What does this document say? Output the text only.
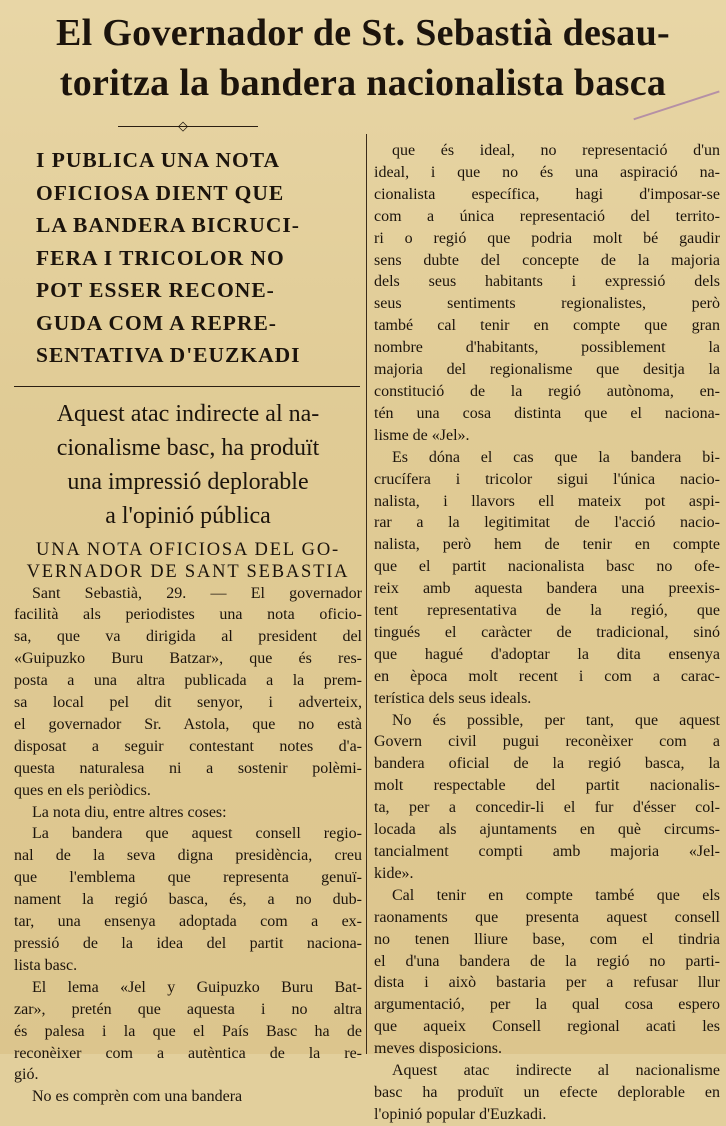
El Governador de St. Sebastià desau-
toritza la bandera nacionalista basca
◇
I PUBLICA UNA NOTA
OFICIOSA DIENT QUE
LA BANDERA BICRUCI-
FERA I TRICOLOR NO
POT ESSER RECONE-
GUDA COM A REPRE-
SENTATIVA D'EUZKADI
Aquest atac indirecte al na-
cionalisme basc, ha produït
una impressió deplorable
a l'opinió pública
UNA NOTA OFICIOSA DEL GO-
VERNADOR DE SANT SEBASTIA

Sant Sebastià, 29. — El governador
facilità als periodistes una nota oficio-
sa, que va dirigida al president del
«Guipuzko Buru Batzar», que és res-
posta a una altra publicada a la prem-
sa local pel dit senyor, i adverteix,
el governador Sr. Astola, que no està
disposat a seguir contestant notes d'a-
questa naturalesa ni a sostenir polèmi-
ques en els periòdics.

La nota diu, entre altres coses:

La bandera que aquest consell regio-
nal de la seva digna presidència, creu
que l'emblema que representa genuï-
nament la regió basca, és, a no dub-
tar, una ensenya adoptada com a ex-
pressió de la idea del partit naciona-
lista basc.

El lema «Jel y Guipuzko Buru Bat-
zar», pretén que aquesta i no altra
és palesa i la que el País Basc ha de
reconèixer com a autèntica de la re-
gió.

No es comprèn com una bandera

que és ideal, no representació d'un
ideal, i que no és una aspiració na-
cionalista específica, hagi d'imposar-se
com a única representació del territo-
ri o regió que podria molt bé gaudir
sens dubte del concepte de la majoria
dels seus habitants i expressió dels
seus sentiments regionalistes, però
també cal tenir en compte que gran
nombre d'habitants, possiblement la
majoria del regionalisme que desitja la
constitució de la regió autònoma, en-
tén una cosa distinta que el naciona-
lisme de «Jel».

Es dóna el cas que la bandera bi-
crucífera i tricolor sigui l'única nacio-
nalista, i llavors ell mateix pot aspi-
rar a la legitimitat de l'acció nacio-
nalista, però hem de tenir en compte
que el partit nacionalista basc no ofe-
reix amb aquesta bandera una preexis-
tent representativa de la regió, que
tingués el caràcter de tradicional, sinó
que hagué d'adoptar la dita ensenya
en època molt recent i com a carac-
terística dels seus ideals.

No és possible, per tant, que aquest
Govern civil pugui reconèixer com a
bandera oficial de la regió basca, la
molt respectable del partit nacionalis-
ta, per a concedir-li el fur d'ésser col-
locada als ajuntaments en què circums-
tancialment compti amb majoria «Jel-
kide».

Cal tenir en compte també que els
raonaments que presenta aquest consell
no tenen lliure base, com el tindria
el d'una bandera de la regió no parti-
dista i això bastaria per a refusar llur
argumentació, per la qual cosa espero
que aqueix Consell regional acati les
meves disposicions.

Aquest atac indirecte al nacionalisme
basc ha produït un efecte deplorable en
l'opinió popular d'Euzkadi.
